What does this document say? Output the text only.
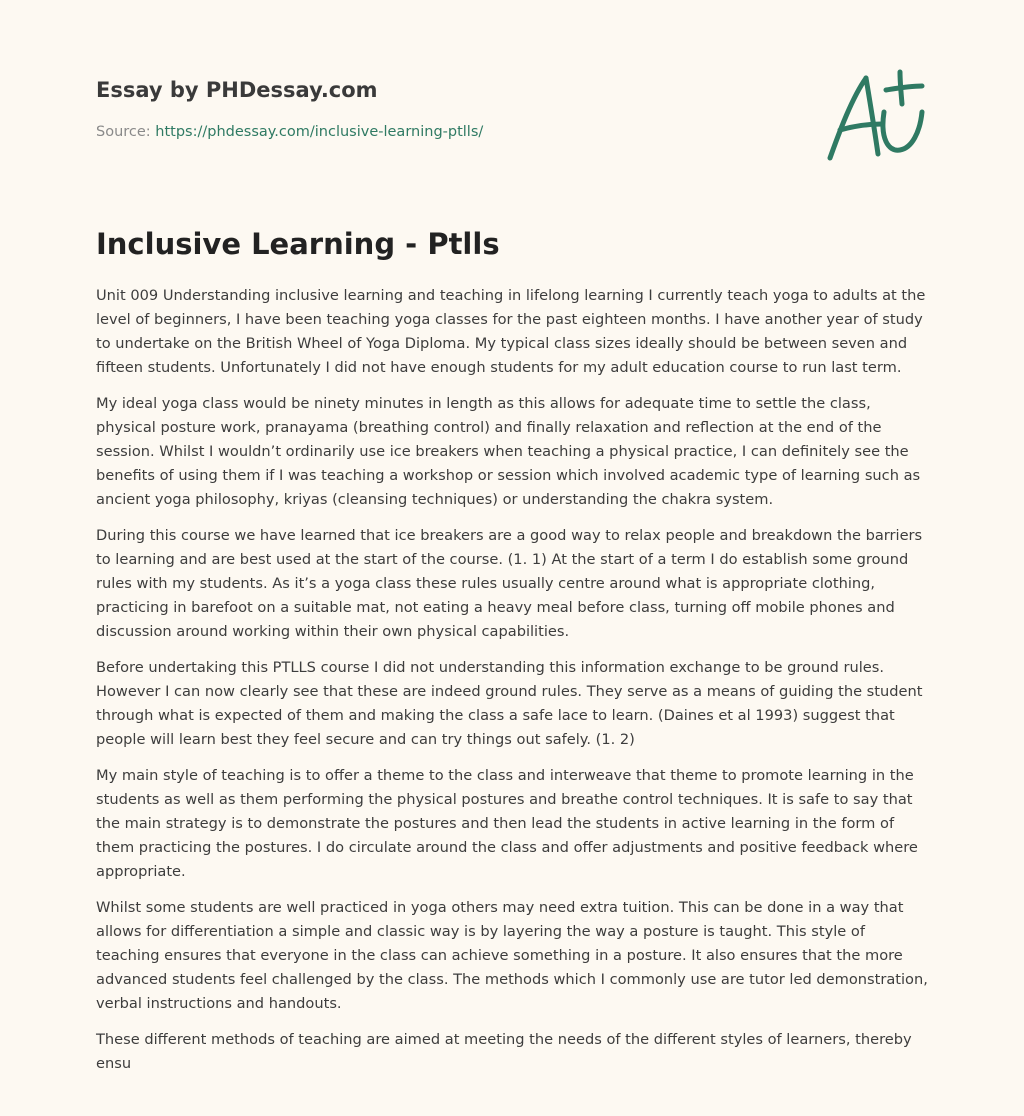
Essay by PHDessay.com
Source: https://phdessay.com/inclusive-learning-ptlls/
Inclusive Learning - Ptlls

Unit 009 Understanding inclusive learning and teaching in lifelong learning I currently teach yoga to adults at the level of beginners, I have been teaching yoga classes for the past eighteen months. I have another year of study to undertake on the British Wheel of Yoga Diploma. My typical class sizes ideally should be between seven and fifteen students. Unfortunately I did not have enough students for my adult education course to run last term.

My ideal yoga class would be ninety minutes in length as this allows for adequate time to settle the class, physical posture work, pranayama (breathing control) and finally relaxation and reflection at the end of the session. Whilst I wouldn’t ordinarily use ice breakers when teaching a physical practice, I can definitely see the benefits of using them if I was teaching a workshop or session which involved academic type of learning such as ancient yoga philosophy, kriyas (cleansing techniques) or understanding the chakra system.

During this course we have learned that ice breakers are a good way to relax people and breakdown the barriers to learning and are best used at the start of the course. (1. 1) At the start of a term I do establish some ground rules with my students. As it’s a yoga class these rules usually centre around what is appropriate clothing, practicing in barefoot on a suitable mat, not eating a heavy meal before class, turning off mobile phones and discussion around working within their own physical capabilities.

Before undertaking this PTLLS course I did not understanding this information exchange to be ground rules. However I can now clearly see that these are indeed ground rules. They serve as a means of guiding the student through what is expected of them and making the class a safe lace to learn. (Daines et al 1993) suggest that people will learn best they feel secure and can try things out safely. (1. 2)

My main style of teaching is to offer a theme to the class and interweave that theme to promote learning in the students as well as them performing the physical postures and breathe control techniques. It is safe to say that the main strategy is to demonstrate the postures and then lead the students in active learning in the form of them practicing the postures. I do circulate around the class and offer adjustments and positive feedback where appropriate.

Whilst some students are well practiced in yoga others may need extra tuition. This can be done in a way that allows for differentiation a simple and classic way is by layering the way a posture is taught. This style of teaching ensures that everyone in the class can achieve something in a posture. It also ensures that the more advanced students feel challenged by the class. The methods which I commonly use are tutor led demonstration, verbal instructions and handouts.

These different methods of teaching are aimed at meeting the needs of the different styles of learners, thereby ensu
